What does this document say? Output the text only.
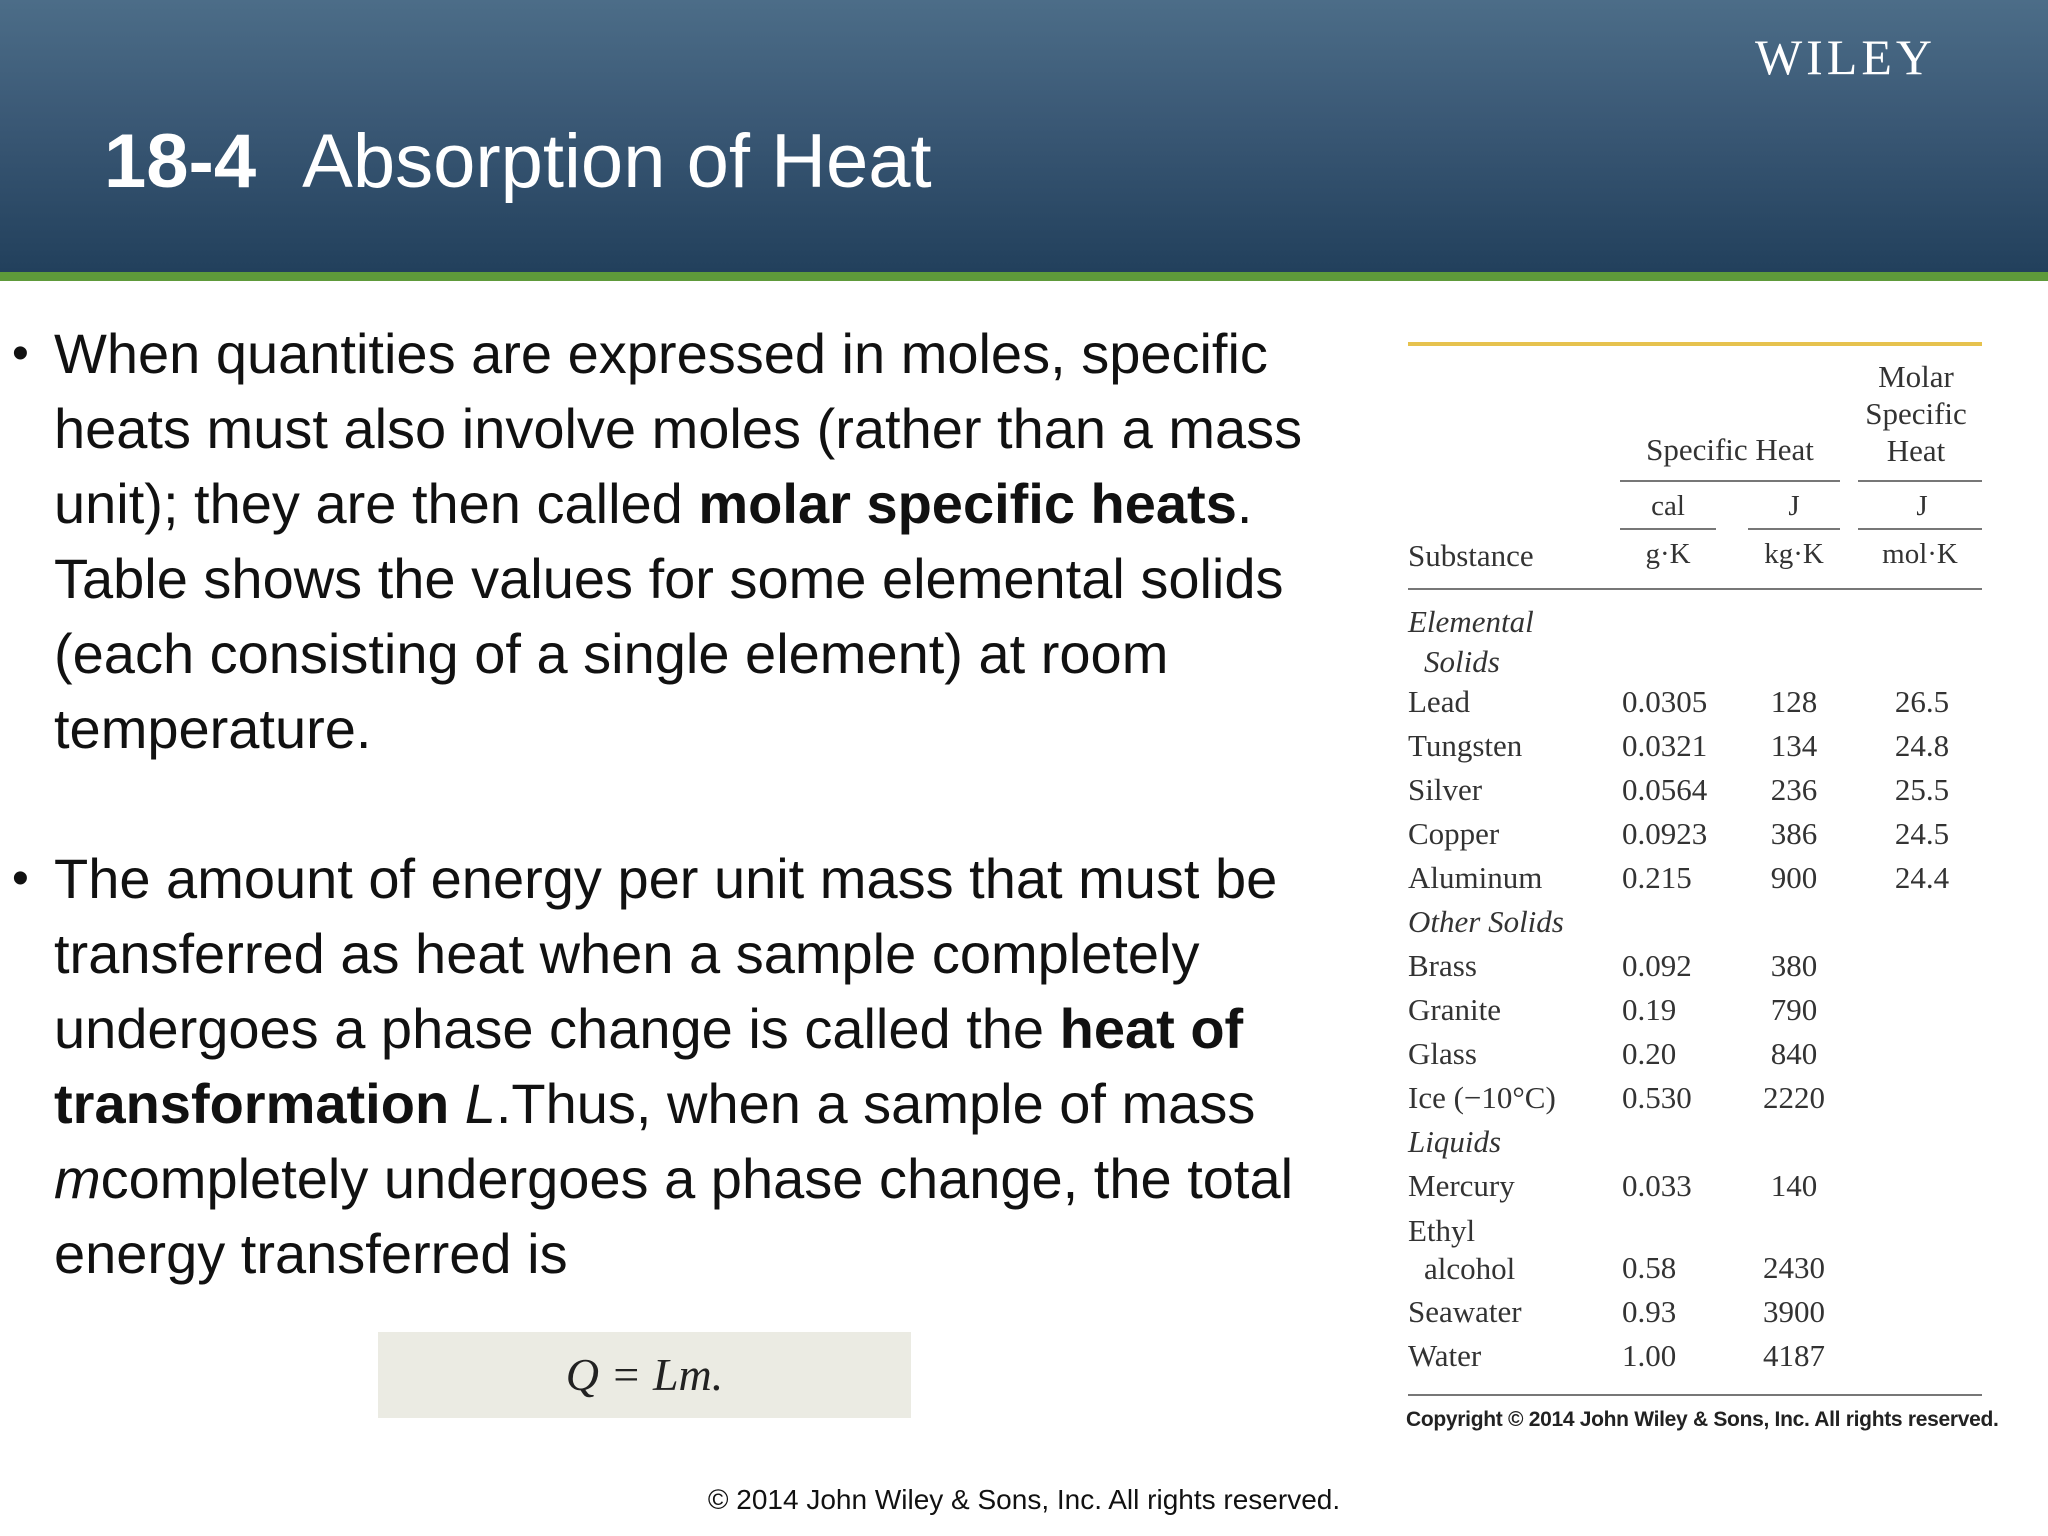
WILEY
18-4 Absorption of Heat
• When quantities are expressed in moles, specific heats must also involve moles (rather than a mass unit); they are then called molar specific heats. Table shows the values for some elemental solids (each consisting of a single element) at room temperature.
• The amount of energy per unit mass that must be transferred as heat when a sample completely undergoes a phase change is called the heat of transformation L.Thus, when a sample of mass mcompletely undergoes a phase change, the total energy transferred is
Q = Lm.
Molar
Specific
Heat
Specific Heat
cal	J	J
Substance	g·K	kg·K	mol·K
Elemental
Solids
Lead	0.0305	128	26.5
Tungsten	0.0321	134	24.8
Silver	0.0564	236	25.5
Copper	0.0923	386	24.5
Aluminum	0.215	900	24.4
Other Solids
Brass	0.092	380
Granite	0.19	790
Glass	0.20	840
Ice (−10°C) 0.530	2220
Liquids
Mercury	0.033	140
Ethyl
alcohol	0.58	2430
Seawater	0.93	3900
Water	1.00	4187
Copyright © 2014 John Wiley & Sons, Inc. All rights reserved.
© 2014 John Wiley & Sons, Inc. All rights reserved.
